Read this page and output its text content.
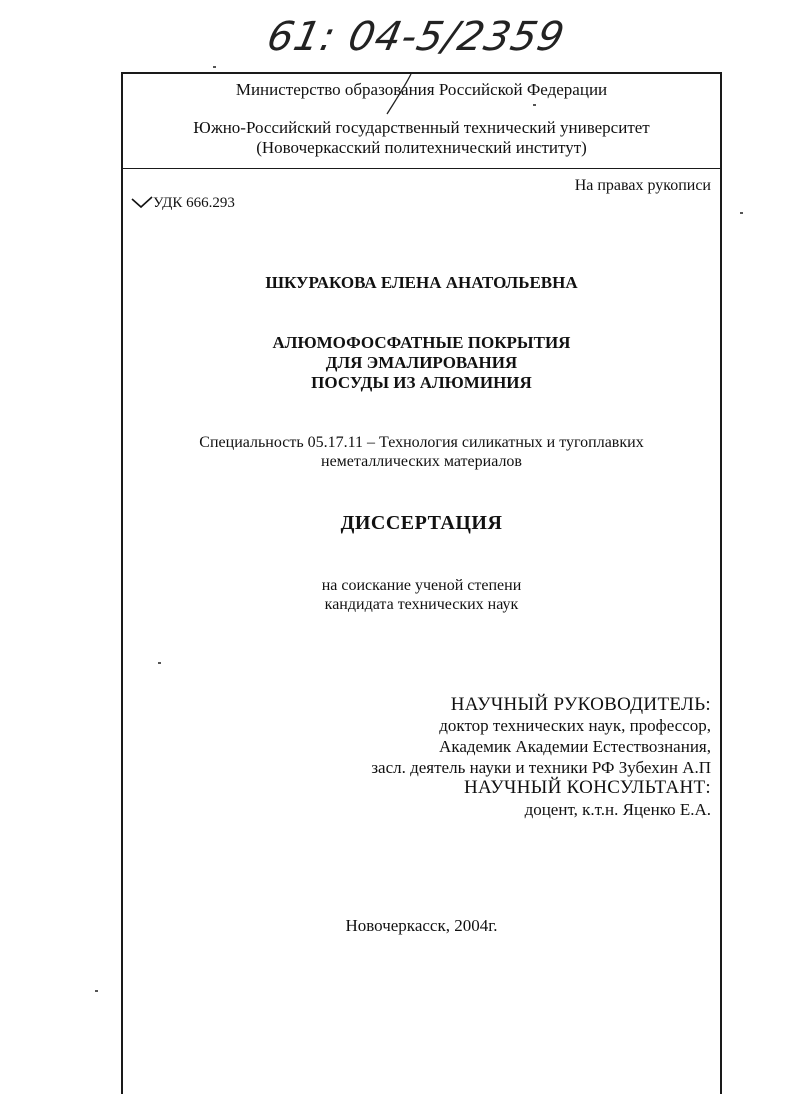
61: 04-5/2359
Министерство образования Российской Федерации
Южно-Российский государственный технический университет
(Новочеркасский политехнический институт)
На правах рукописи
УДК 666.293
ШКУРАКОВА ЕЛЕНА АНАТОЛЬЕВНА
АЛЮМОФОСФАТНЫЕ ПОКРЫТИЯ
ДЛЯ ЭМАЛИРОВАНИЯ
ПОСУДЫ ИЗ АЛЮМИНИЯ
Специальность 05.17.11 – Технология силикатных и тугоплавких
неметаллических материалов
ДИССЕРТАЦИЯ
на соискание ученой степени
кандидата технических наук
НАУЧНЫЙ РУКОВОДИТЕЛЬ:
доктор технических наук, профессор,
Академик Академии Естествознания,
засл. деятель науки и техники РФ Зубехин А.П
НАУЧНЫЙ КОНСУЛЬТАНТ:
доцент, к.т.н. Яценко Е.А.
Новочеркасск, 2004г.
